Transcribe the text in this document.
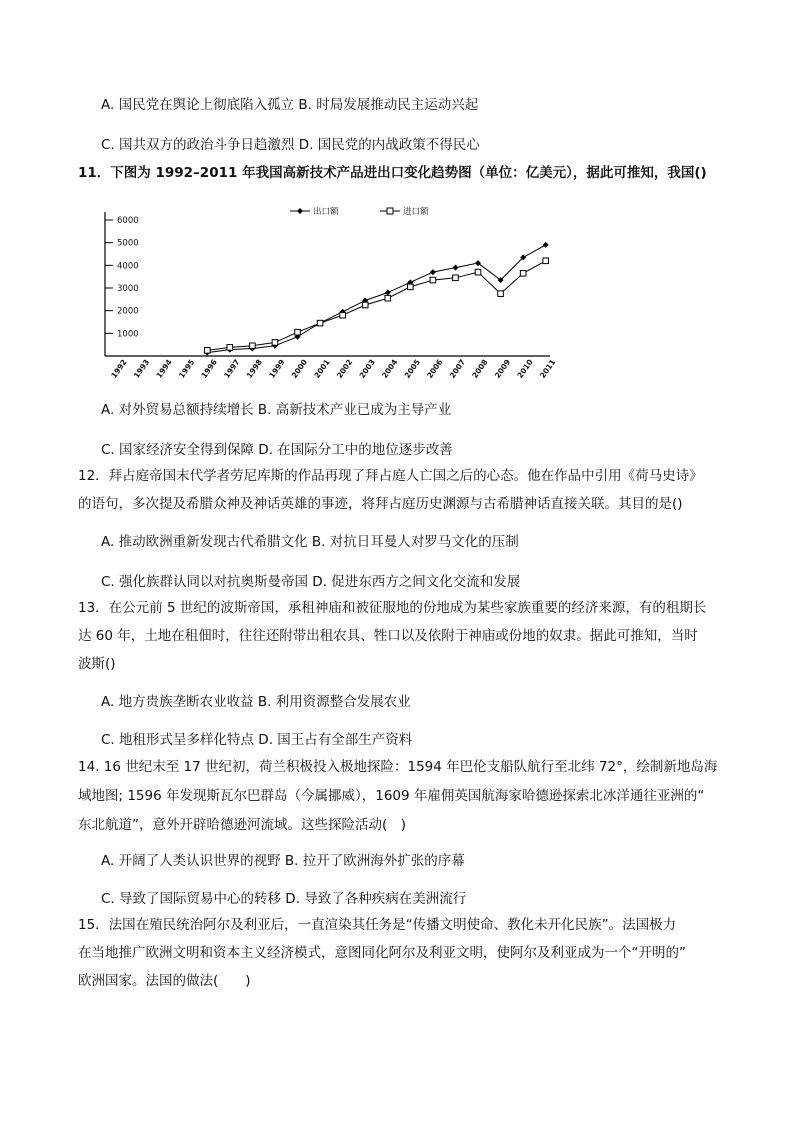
A. 国民党在舆论上彻底陷入孤立 B. 时局发展推动民主运动兴起
C. 国共双方的政治斗争日趋激烈 D. 国民党的内战政策不得民心
11．下图为 1992–2011 年我国高新技术产品进出口变化趋势图（单位：亿美元），据此可推知，我国()
1000
2000
3000
4000
5000
6000
1992 1993 1994 1995 1996 1997 1998 1999 2000 2001 2002 2003 2004 2005 2006 2007 2008 2009 2010 2011
出口额	进口额
A. 对外贸易总额持续增长 B. 高新技术产业已成为主导产业
C. 国家经济安全得到保障 D. 在国际分工中的地位逐步改善
12．拜占庭帝国末代学者劳尼库斯的作品再现了拜占庭人亡国之后的心态。他在作品中引用《荷马史诗》
的语句，多次提及希腊众神及神话英雄的事迹，将拜占庭历史渊源与古希腊神话直接关联。其目的是()
A. 推动欧洲重新发现古代希腊文化 B. 对抗日耳曼人对罗马文化的压制
C. 强化族群认同以对抗奥斯曼帝国 D. 促进东西方之间文化交流和发展
13．在公元前 5 世纪的波斯帝国，承租神庙和被征服地的份地成为某些家族重要的经济来源，有的租期长
达 60 年，土地在租佃时，往往还附带出租农具、牲口以及依附于神庙或份地的奴隶。据此可推知，当时
波斯()
A. 地方贵族垄断农业收益 B. 利用资源整合发展农业
C. 地租形式呈多样化特点 D. 国王占有全部生产资料
14. 16 世纪末至 17 世纪初，荷兰积极投入极地探险：1594 年巴伦支船队航行至北纬 72°，绘制新地岛海
域地图; 1596 年发现斯瓦尔巴群岛（今属挪威），1609 年雇佣英国航海家哈德逊探索北冰洋通往亚洲的“
东北航道”，意外开辟哈德逊河流域。这些探险活动(　)
A. 开阔了人类认识世界的视野 B. 拉开了欧洲海外扩张的序幕
C. 导致了国际贸易中心的转移 D. 导致了各种疾病在美洲流行
15．法国在殖民统治阿尔及利亚后，一直渲染其任务是“传播文明使命、教化未开化民族”。法国极力
在当地推广欧洲文明和资本主义经济模式，意图同化阿尔及利亚文明，使阿尔及利亚成为一个“开明的”
欧洲国家。法国的做法(　　)
